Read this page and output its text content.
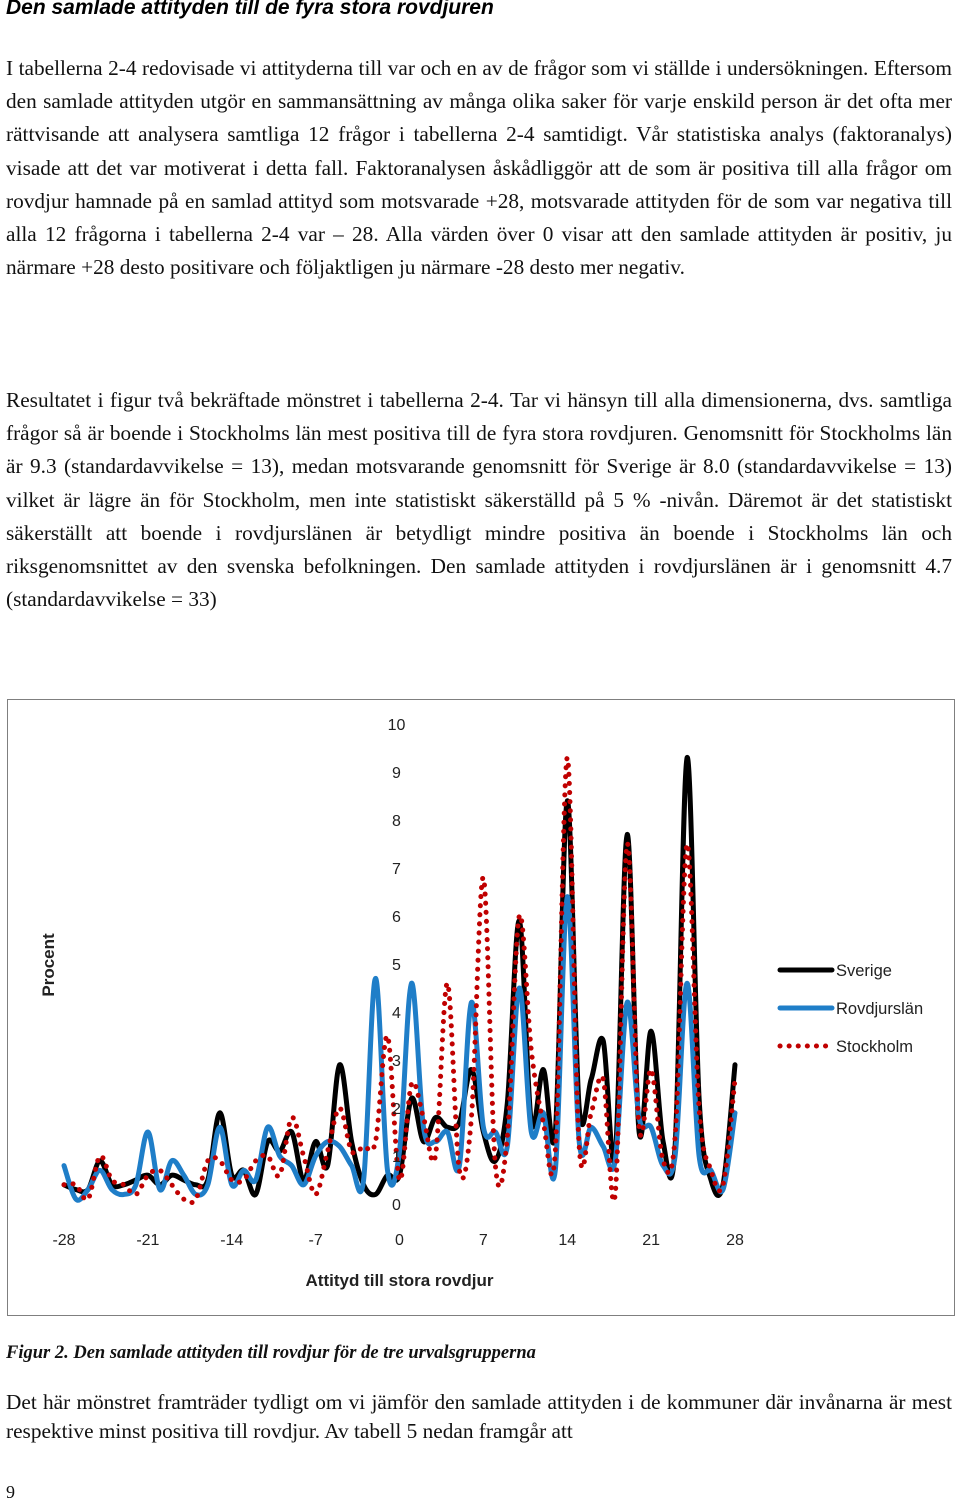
Den samlade attityden till de fyra stora rovdjuren

I tabellerna 2-4 redovisade vi attityderna till var och en av de frågor som vi ställde i undersökningen. Eftersom den samlade attityden utgör en sammansättning av många olika saker för varje enskild person är det ofta mer rättvisande att analysera samtliga 12 frågor i tabellerna 2-4 samtidigt. Vår statistiska analys (faktoranalys) visade att det var motiverat i detta fall. Faktoranalysen åskådliggör att de som är positiva till alla frågor om rovdjur hamnade på en samlad attityd som motsvarade +28, motsvarade attityden för de som var negativa till alla 12 frågorna i tabellerna 2-4 var – 28. Alla värden över 0 visar att den samlade attityden är positiv, ju närmare +28 desto positivare och följaktligen ju närmare -28 desto mer negativ.

Resultatet i figur två bekräftade mönstret i tabellerna 2-4. Tar vi hänsyn till alla dimensionerna, dvs. samtliga frågor så är boende i Stockholms län mest positiva till de fyra stora rovdjuren. Genomsnitt för Stockholms län är 9.3 (standardavvikelse = 13), medan motsvarande genomsnitt för Sverige är 8.0 (standardavvikelse = 13) vilket är lägre än för Stockholm, men inte statistiskt säkerställd på 5 % -nivån. Däremot är det statistiskt säkerställt att boende i rovdjurslänen är betydligt mindre positiva än boende i Stockholms län och riksgenomsnittet av den svenska befolkningen. Den samlade attityden i rovdjurslänen är i genomsnitt 4.7 (standardavvikelse = 33)

0
1
2
3
4
5
6
7
8
9
10
-28	-21	-14	-7	0	7	14	21	28
Attityd till stora rovdjur
Procent	Sverige
Rovdjurslän
Stockholm
Figur 2. Den samlade attityden till rovdjur för de tre urvalsgrupperna

Det här mönstret framträder tydligt om vi jämför den samlade attityden i de kommuner där invånarna är mest respektive minst positiva till rovdjur. Av tabell 5 nedan framgår att

9
